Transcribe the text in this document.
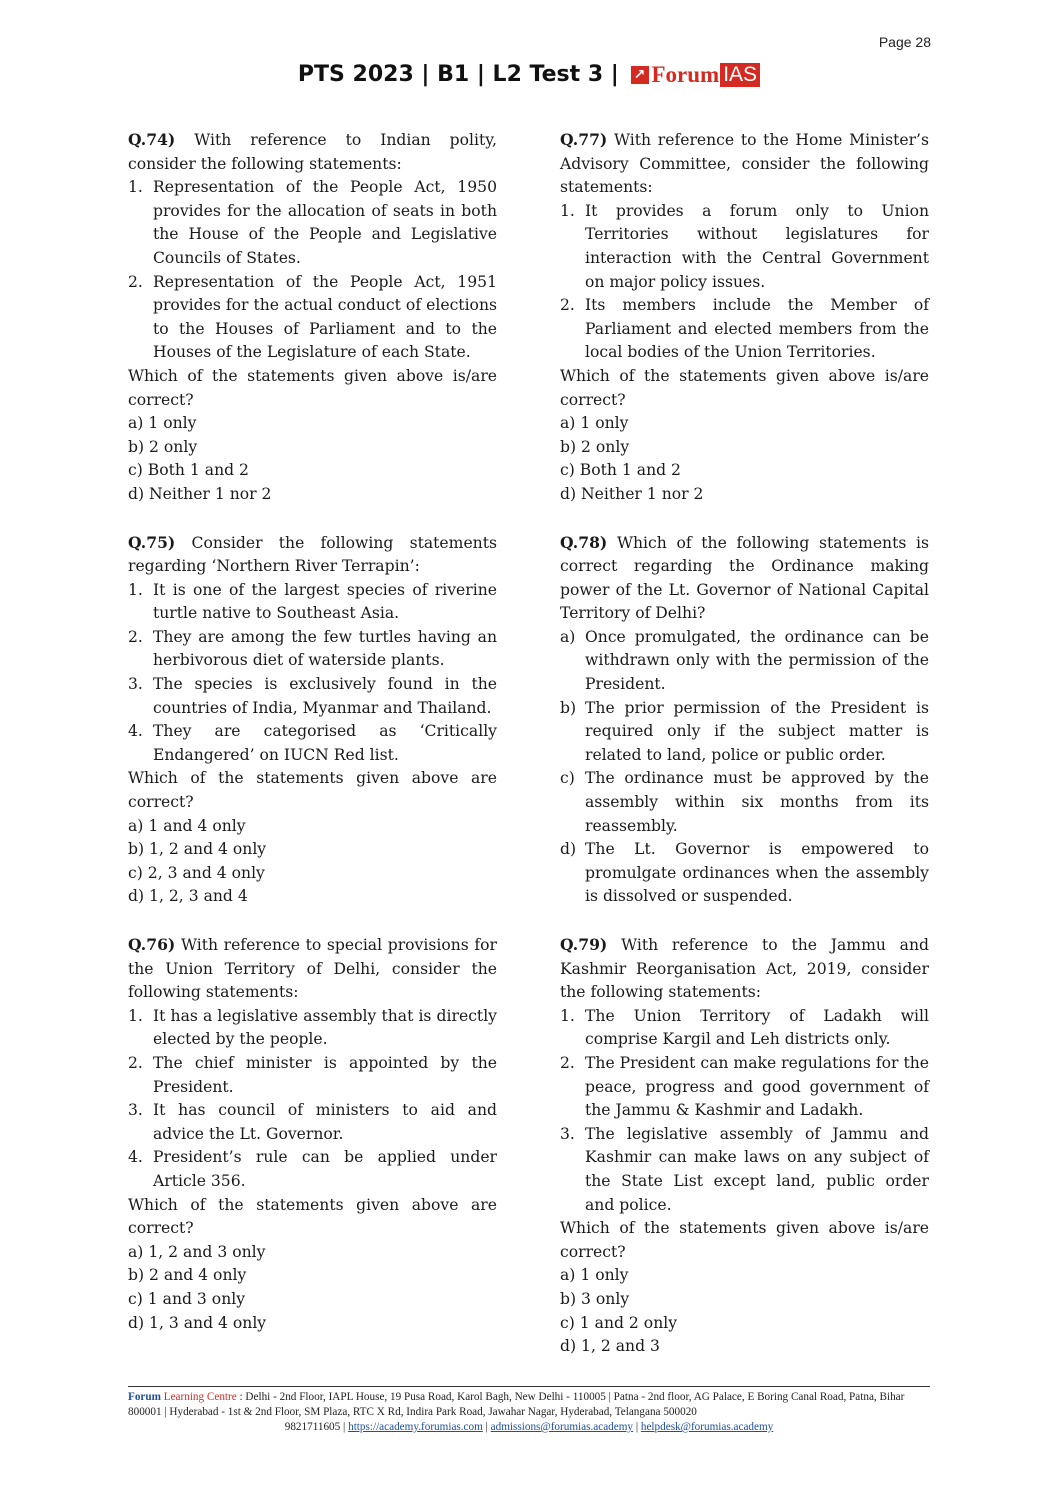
Page 28
PTS 2023 | B1 | L2 Test 3 | ↗ Forum IAS
Q.74) With reference to Indian polity, consider the following statements:
1. Representation of the People Act, 1950 provides for the allocation of seats in both the House of the People and Legislative Councils of States.
2. Representation of the People Act, 1951 provides for the actual conduct of elections to the Houses of Parliament and to the Houses of the Legislature of each State.
Which of the statements given above is/are correct?
a) 1 only
b) 2 only
c) Both 1 and 2
d) Neither 1 nor 2
Q.75) Consider the following statements regarding ‘Northern River Terrapin’:
1. It is one of the largest species of riverine turtle native to Southeast Asia.
2. They are among the few turtles having an herbivorous diet of waterside plants.
3. The species is exclusively found in the countries of India, Myanmar and Thailand.
4. They are categorised as ‘Critically Endangered’ on IUCN Red list.
Which of the statements given above are correct?
a) 1 and 4 only
b) 1, 2 and 4 only
c) 2, 3 and 4 only
d) 1, 2, 3 and 4
Q.76) With reference to special provisions for the Union Territory of Delhi, consider the following statements:
1. It has a legislative assembly that is directly elected by the people.
2. The chief minister is appointed by the President.
3. It has council of ministers to aid and advice the Lt. Governor.
4. President’s rule can be applied under Article 356.
Which of the statements given above are correct?
a) 1, 2 and 3 only
b) 2 and 4 only
c) 1 and 3 only
d) 1, 3 and 4 only
Q.77) With reference to the Home Minister’s Advisory Committee, consider the following statements:
1. It provides a forum only to Union Territories without legislatures for interaction with the Central Government on major policy issues.
2. Its members include the Member of Parliament and elected members from the local bodies of the Union Territories.
Which of the statements given above is/are correct?
a) 1 only
b) 2 only
c) Both 1 and 2
d) Neither 1 nor 2
Q.78) Which of the following statements is correct regarding the Ordinance making power of the Lt. Governor of National Capital Territory of Delhi?
a) Once promulgated, the ordinance can be withdrawn only with the permission of the President.
b) The prior permission of the President is required only if the subject matter is related to land, police or public order.
c) The ordinance must be approved by the assembly within six months from its reassembly.
d) The Lt. Governor is empowered to promulgate ordinances when the assembly is dissolved or suspended.
Q.79) With reference to the Jammu and Kashmir Reorganisation Act, 2019, consider the following statements:
1. The Union Territory of Ladakh will comprise Kargil and Leh districts only.
2. The President can make regulations for the peace, progress and good government of the Jammu & Kashmir and Ladakh.
3. The legislative assembly of Jammu and Kashmir can make laws on any subject of the State List except land, public order and police.
Which of the statements given above is/are correct?
a) 1 only
b) 3 only
c) 1 and 2 only
d) 1, 2 and 3
Forum Learning Centre : Delhi - 2nd Floor, IAPL House, 19 Pusa Road, Karol Bagh, New Delhi - 110005 | Patna - 2nd floor, AG Palace, E Boring Canal Road, Patna, Bihar 800001 | Hyderabad - 1st & 2nd Floor, SM Plaza, RTC X Rd, Indira Park Road, Jawahar Nagar, Hyderabad, Telangana 500020
9821711605 | https://academy.forumias.com | admissions@forumias.academy | helpdesk@forumias.academy
